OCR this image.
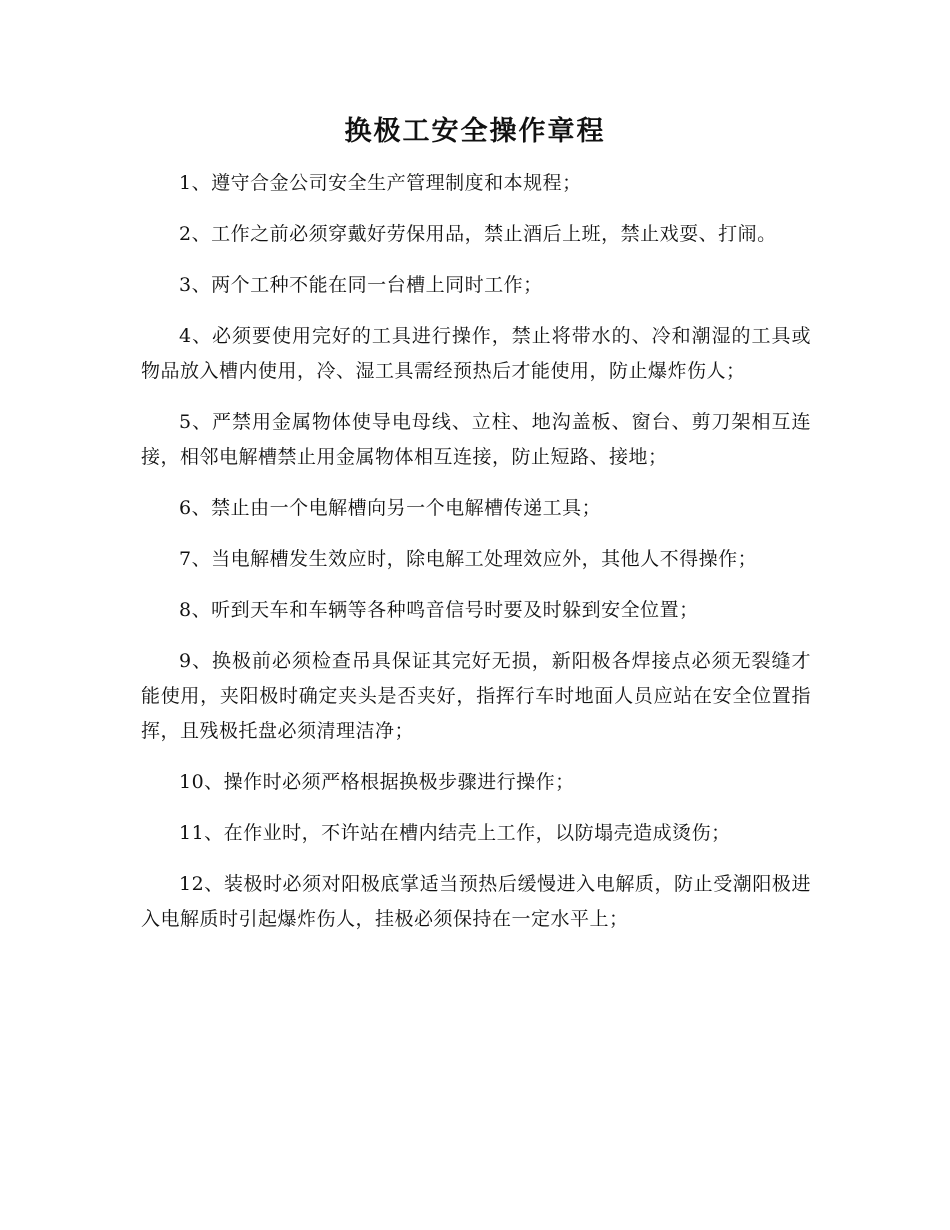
换极工安全操作章程

1、遵守合金公司安全生产管理制度和本规程；

2、工作之前必须穿戴好劳保用品，禁止酒后上班，禁止戏耍、打闹。

3、两个工种不能在同一台槽上同时工作；

4、必须要使用完好的工具进行操作，禁止将带水的、冷和潮湿的工具或物品放入槽内使用，冷、湿工具需经预热后才能使用，防止爆炸伤人；

5、严禁用金属物体使导电母线、立柱、地沟盖板、窗台、剪刀架相互连接，相邻电解槽禁止用金属物体相互连接，防止短路、接地；

6、禁止由一个电解槽向另一个电解槽传递工具；

7、当电解槽发生效应时，除电解工处理效应外，其他人不得操作；

8、听到天车和车辆等各种鸣音信号时要及时躲到安全位置；

9、换极前必须检查吊具保证其完好无损，新阳极各焊接点必须无裂缝才能使用，夹阳极时确定夹头是否夹好，指挥行车时地面人员应站在安全位置指挥，且残极托盘必须清理洁净；

10、操作时必须严格根据换极步骤进行操作；

11、在作业时，不许站在槽内结壳上工作，以防塌壳造成烫伤；

12、装极时必须对阳极底掌适当预热后缓慢进入电解质，防止受潮阳极进入电解质时引起爆炸伤人，挂极必须保持在一定水平上；
